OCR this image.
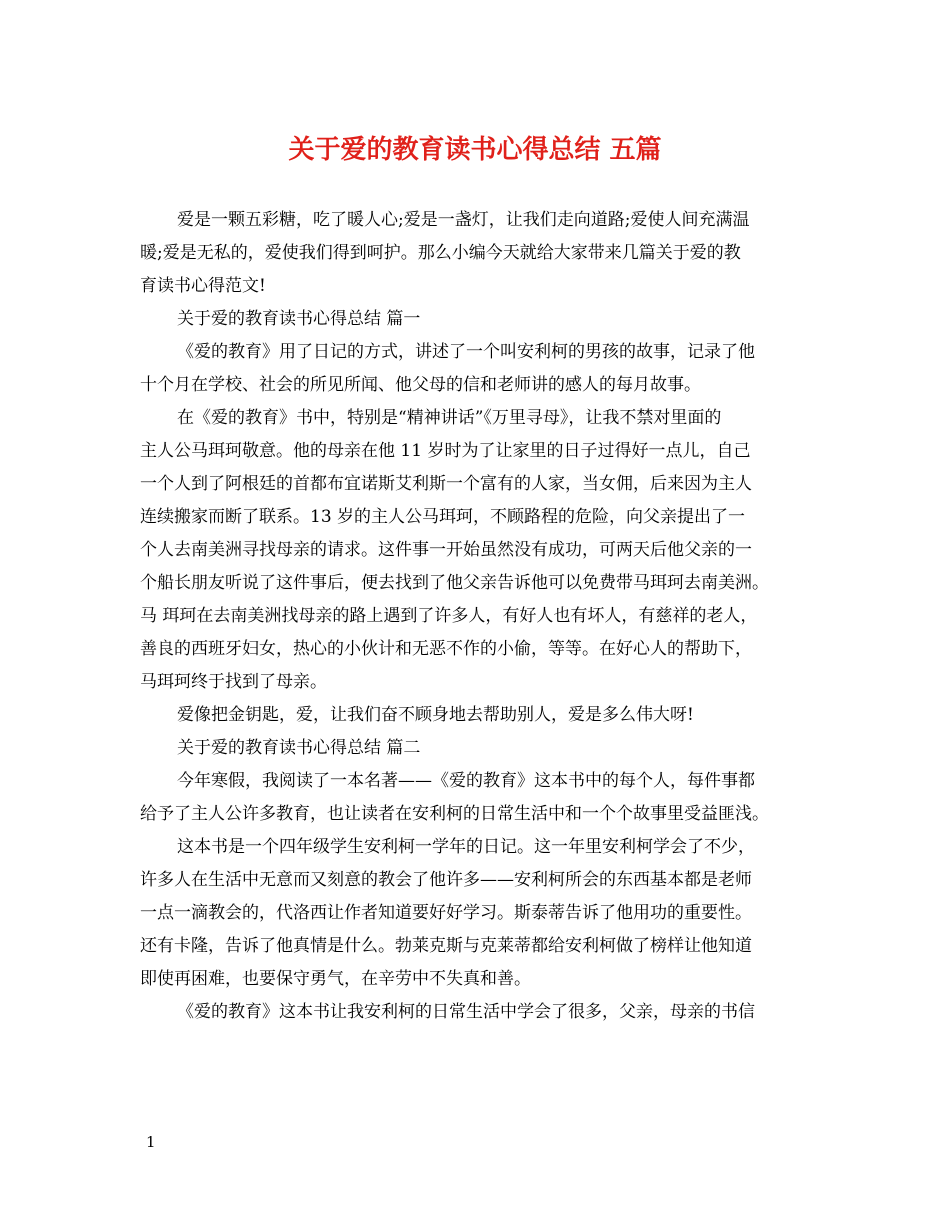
关于爱的教育读书心得总结 五篇
爱是一颗五彩糖，吃了暖人心;爱是一盏灯，让我们走向道路;爱使人间充满温
暖;爱是无私的，爱使我们得到呵护。那么小编今天就给大家带来几篇关于爱的教
育读书心得范文!
关于爱的教育读书心得总结 篇一
《爱的教育》用了日记的方式，讲述了一个叫安利柯的男孩的故事，记录了他
十个月在学校、社会的所见所闻、他父母的信和老师讲的感人的每月故事。
在《爱的教育》书中，特别是“精神讲话”《万里寻母》，让我不禁对里面的
主人公马珥珂敬意。他的母亲在他 11 岁时为了让家里的日子过得好一点儿，自己
一个人到了阿根廷的首都布宜诺斯艾利斯一个富有的人家，当女佣，后来因为主人
连续搬家而断了联系。13 岁的主人公马珥珂，不顾路程的危险，向父亲提出了一
个人去南美洲寻找母亲的请求。这件事一开始虽然没有成功，可两天后他父亲的一
个船长朋友听说了这件事后，便去找到了他父亲告诉他可以免费带马珥珂去南美洲。
马 珥珂在去南美洲找母亲的路上遇到了许多人，有好人也有坏人，有慈祥的老人，
善良的西班牙妇女，热心的小伙计和无恶不作的小偷，等等。在好心人的帮助下，
马珥珂终于找到了母亲。
爱像把金钥匙，爱，让我们奋不顾身地去帮助别人，爱是多么伟大呀!
关于爱的教育读书心得总结 篇二
今年寒假，我阅读了一本名著——《爱的教育》这本书中的每个人，每件事都
给予了主人公许多教育，也让读者在安利柯的日常生活中和一个个故事里受益匪浅。
这本书是一个四年级学生安利柯一学年的日记。这一年里安利柯学会了不少，
许多人在生活中无意而又刻意的教会了他许多——安利柯所会的东西基本都是老师
一点一滴教会的，代洛西让作者知道要好好学习。斯泰蒂告诉了他用功的重要性。
还有卡隆，告诉了他真情是什么。勃莱克斯与克莱蒂都给安利柯做了榜样让他知道
即使再困难，也要保守勇气，在辛劳中不失真和善。
《爱的教育》这本书让我安利柯的日常生活中学会了很多，父亲，母亲的书信
1
